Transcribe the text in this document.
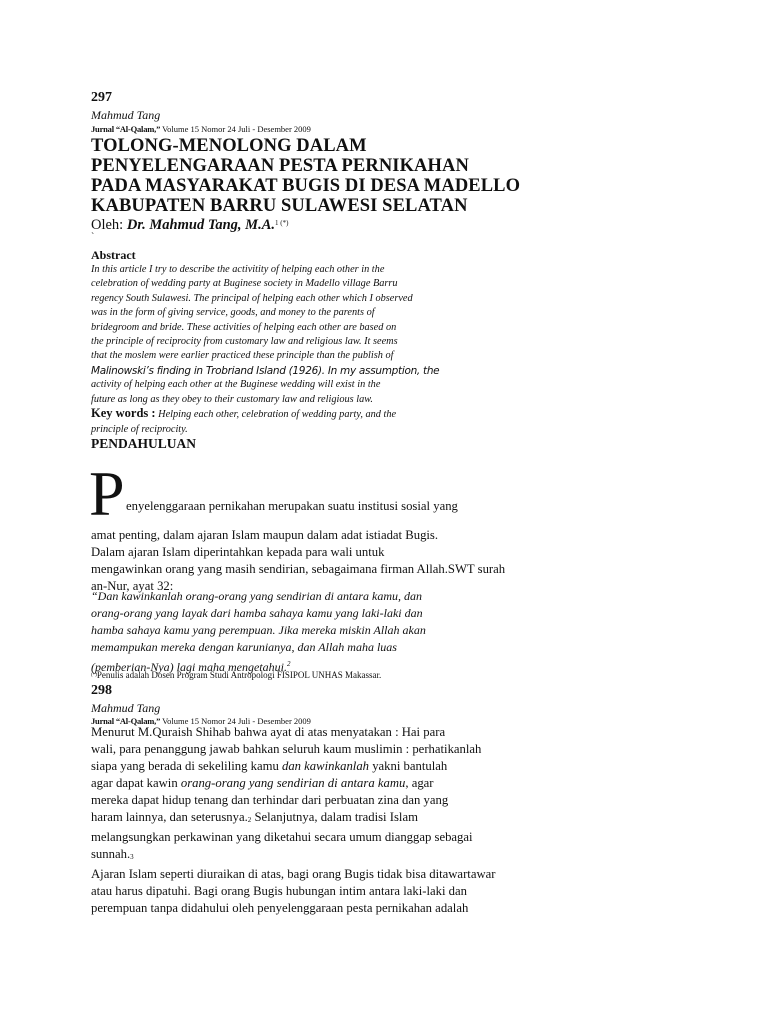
297
Mahmud Tang
Jurnal “Al-Qalam,” Volume 15 Nomor 24 Juli - Desember 2009
TOLONG-MENOLONG DALAM
PENYELENGARAAN PESTA PERNIKAHAN
PADA MASYARAKAT BUGIS DI DESA MADELLO
KABUPATEN BARRU SULAWESI SELATAN
Oleh: Dr. Mahmud Tang, M.A.$^{1 (*)}$
`
Abstract
In this article I try to describe the activitity of helping each other in the
celebration of wedding party at Buginese society in Madello village Barru
regency South Sulawesi. The principal of helping each other which I observed
was in the form of giving service, goods, and money to the parents of
bridegroom and bride. These activities of helping each other are based on
the principle of reciprocity from customary law and religious law. It seems
that the moslem were earlier practiced these principle than the publish of
Malinowski’s finding in Trobriand Island (1926). In my assumption, the
activity of helping each other at the Buginese wedding will exist in the
future as long as they obey to their customary law and religious law.
Key words : Helping each other, celebration of wedding party, and the
principle of reciprocity.
PENDAHULUAN
P enyelenggaraan pernikahan merupakan suatu institusi sosial yang
amat penting, dalam ajaran Islam maupun dalam adat istiadat Bugis.
Dalam ajaran Islam diperintahkan kepada para wali untuk
mengawinkan orang yang masih sendirian, sebagaimana firman Allah.SWT surah
an-Nur, ayat 32:
“Dan kawinkanlah orang-orang yang sendirian di antara kamu, dan
orang-orang yang layak dari hamba sahaya kamu yang laki-laki dan
hamba sahaya kamu yang perempuan. Jika mereka miskin Allah akan
memampukan mereka dengan karunianya, dan Allah maha luas
(pemberian-Nya) lagi maha mengetahui.$^2$
(*)Penulis adalah Dosen Program Studi Antropologi FISIPOL UNHAS Makassar.
298
Mahmud Tang
Jurnal “Al-Qalam,” Volume 15 Nomor 24 Juli - Desember 2009
Menurut M.Quraish Shihab bahwa ayat di atas menyatakan : Hai para
wali, para penanggung jawab bahkan seluruh kaum muslimin : perhatikanlah
siapa yang berada di sekeliling kamu dan kawinkanlah yakni bantulah
agar dapat kawin orang-orang yang sendirian di antara kamu, agar
mereka dapat hidup tenang dan terhindar dari perbuatan zina dan yang
haram lainnya, dan seterusnya.2 Selanjutnya, dalam tradisi Islam
melangsungkan perkawinan yang diketahui secara umum dianggap sebagai
sunnah.3
Ajaran Islam seperti diuraikan di atas, bagi orang Bugis tidak bisa ditawartawar
atau harus dipatuhi. Bagi orang Bugis hubungan intim antara laki-laki dan
perempuan tanpa didahului oleh penyelenggaraan pesta pernikahan adalah
